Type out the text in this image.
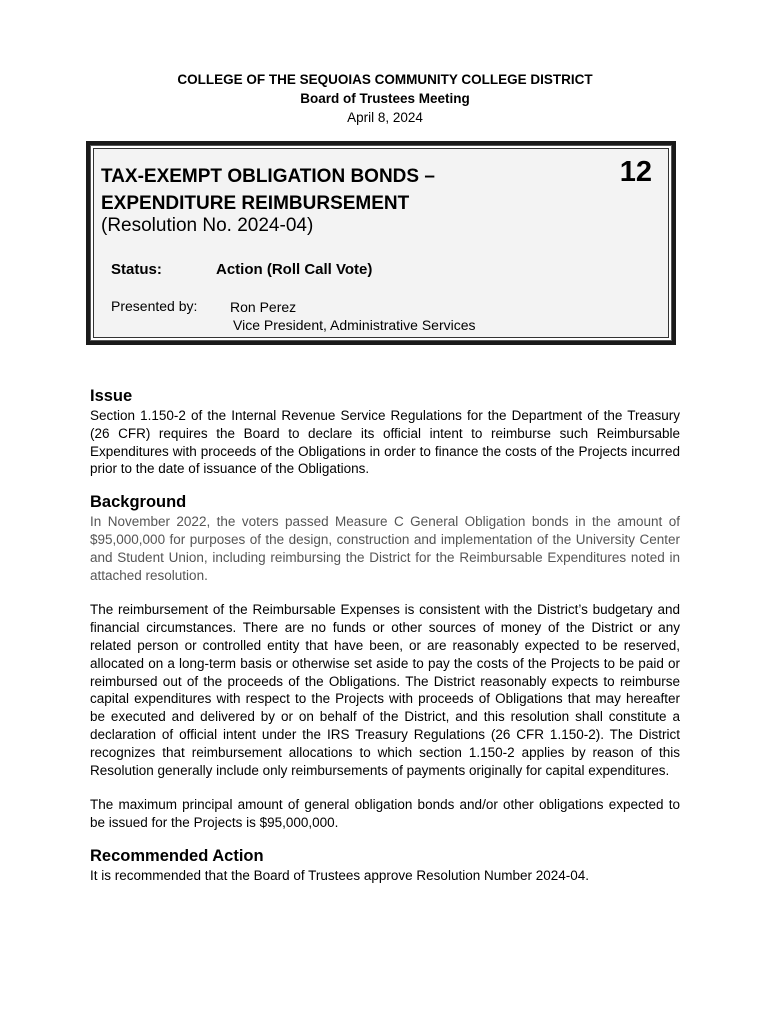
COLLEGE OF THE SEQUOIAS COMMUNITY COLLEGE DISTRICT
Board of Trustees Meeting
April 8, 2024
TAX-EXEMPT OBLIGATION BONDS –
EXPENDITURE REIMBURSEMENT
12
(Resolution No. 2024-04)
Status:	Action (Roll Call Vote)
Presented by: Ron Perez
Vice President, Administrative Services
Issue

Section 1.150-2 of the Internal Revenue Service Regulations for the Department of the Treasury (26 CFR) requires the Board to declare its official intent to reimburse such Reimbursable Expenditures with proceeds of the Obligations in order to finance the costs of the Projects incurred prior to the date of issuance of the Obligations.

Background

In November 2022, the voters passed Measure C General Obligation bonds in the amount of $95,000,000 for purposes of the design, construction and implementation of the University Center and Student Union, including reimbursing the District for the Reimbursable Expenditures noted in attached resolution.

The reimbursement of the Reimbursable Expenses is consistent with the District’s budgetary and financial circumstances. There are no funds or other sources of money of the District or any related person or controlled entity that have been, or are reasonably expected to be reserved, allocated on a long-term basis or otherwise set aside to pay the costs of the Projects to be paid or reimbursed out of the proceeds of the Obligations. The District reasonably expects to reimburse capital expenditures with respect to the Projects with proceeds of Obligations that may hereafter be executed and delivered by or on behalf of the District, and this resolution shall constitute a declaration of official intent under the IRS Treasury Regulations (26 CFR 1.150-2). The District recognizes that reimbursement allocations to which section 1.150-2 applies by reason of this Resolution generally include only reimbursements of payments originally for capital expenditures.

The maximum principal amount of general obligation bonds and/or other obligations expected to be issued for the Projects is $95,000,000.

Recommended Action

It is recommended that the Board of Trustees approve Resolution Number 2024-04.
